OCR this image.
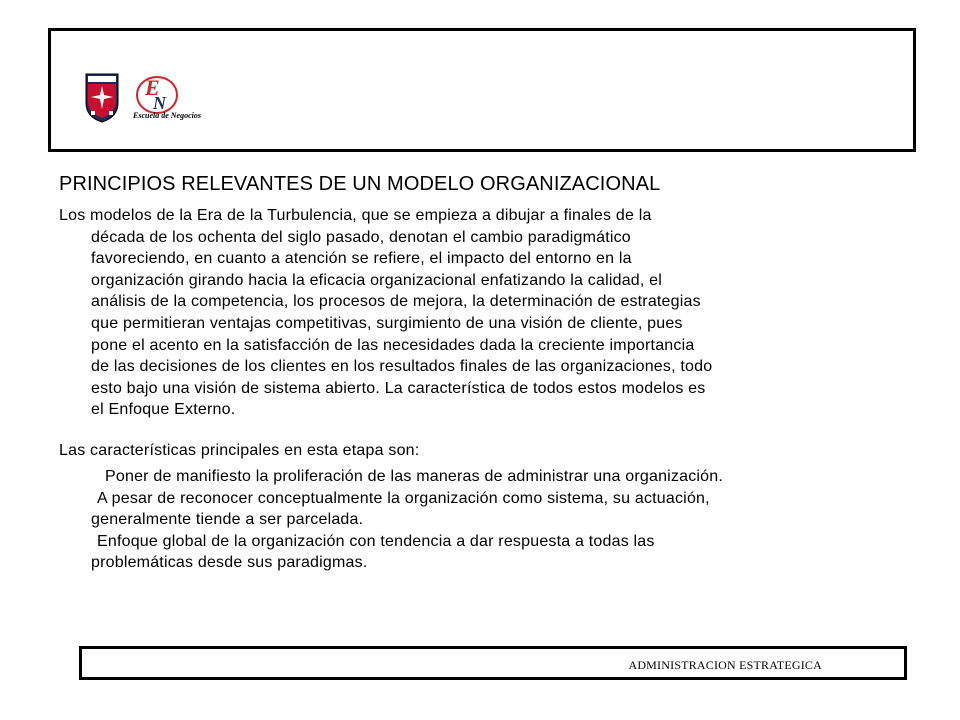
E
N
Escuela de Negocios
PRINCIPIOS RELEVANTES DE UN MODELO ORGANIZACIONAL
Los modelos de la Era de la Turbulencia, que se empieza a dibujar a finales de la
década de los ochenta del siglo pasado, denotan el cambio paradigmático
favoreciendo, en cuanto a atención se refiere, el impacto del entorno en la
organización girando hacia la eficacia organizacional enfatizando la calidad, el
análisis de la competencia, los procesos de mejora, la determinación de estrategias
que permitieran ventajas competitivas, surgimiento de una visión de cliente, pues
pone el acento en la satisfacción de las necesidades dada la creciente importancia
de las decisiones de los clientes en los resultados finales de las organizaciones, todo
esto bajo una visión de sistema abierto. La característica de todos estos modelos es
el Enfoque Externo.

Las características principales en esta etapa son:

Poner de manifiesto la proliferación de las maneras de administrar una organización.
A pesar de reconocer conceptualmente la organización como sistema, su actuación,
generalmente tiende a ser parcelada.
Enfoque global de la organización con tendencia a dar respuesta a todas las
problemáticas desde sus paradigmas.
ADMINISTRACION ESTRATEGICA
